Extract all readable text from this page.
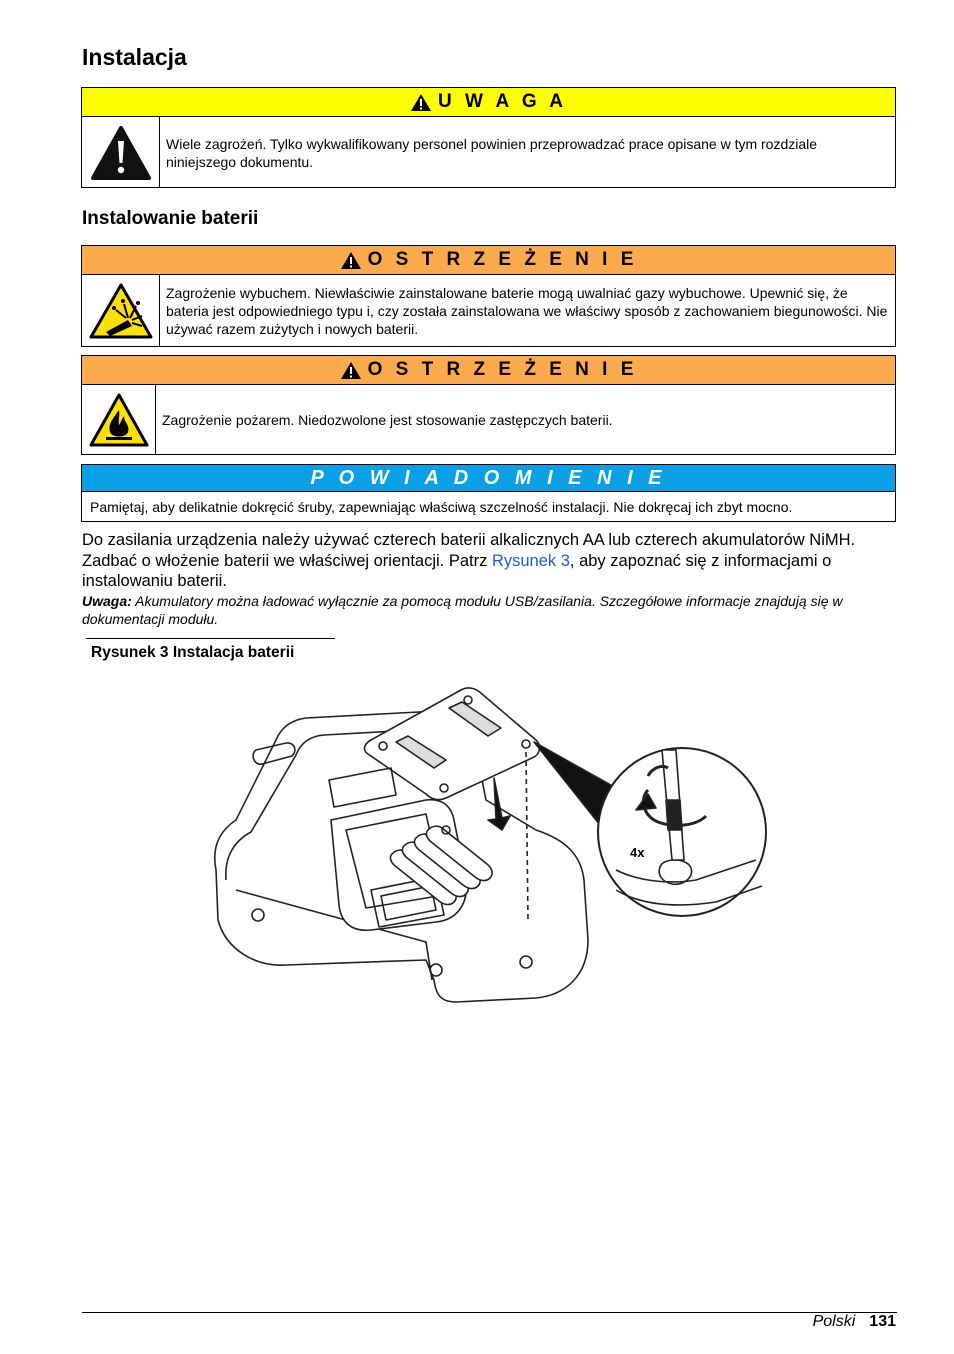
Instalacja
U W A G A
Wiele zagrożeń. Tylko wykwalifikowany personel powinien przeprowadzać prace opisane w tym rozdziale niniejszego dokumentu.
Instalowanie baterii
O S T R Z E Ż E N I E
Zagrożenie wybuchem. Niewłaściwie zainstalowane baterie mogą uwalniać gazy wybuchowe. Upewnić się, że bateria jest odpowiedniego typu i, czy została zainstalowana we właściwy sposób z zachowaniem biegunowości. Nie używać razem zużytych i nowych baterii.
O S T R Z E Ż E N I E
Zagrożenie pożarem. Niedozwolone jest stosowanie zastępczych baterii.
P O W I A D O M I E N I E
Pamiętaj, aby delikatnie dokręcić śruby, zapewniając właściwą szczelność instalacji. Nie dokręcaj ich zbyt mocno.
Do zasilania urządzenia należy używać czterech baterii alkalicznych AA lub czterech akumulatorów NiMH. Zadbać o włożenie baterii we właściwej orientacji. Patrz Rysunek 3, aby zapoznać się z informacjami o instalowaniu baterii.
Uwaga: Akumulatory można ładować wyłącznie za pomocą modułu USB/zasilania. Szczegółowe informacje znajdują się w dokumentacji modułu.
Rysunek 3 Instalacja baterii
4x
Polski 131
